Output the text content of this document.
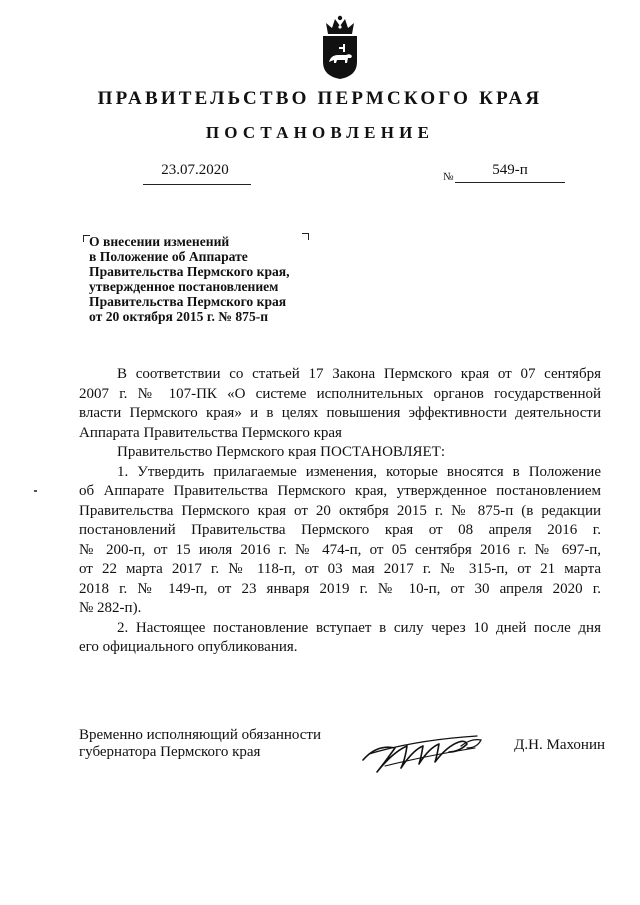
ПРАВИТЕЛЬСТВО ПЕРМСКОГО КРАЯ
ПОСТАНОВЛЕНИЕ
23.07.2020	№	549-п
О внесении изменений
в Положение об Аппарате
Правительства Пермского края,
утвержденное постановлением
Правительства Пермского края
от 20 октября 2015 г. № 875-п

В соответствии со статьей 17 Закона Пермского края от 07 сентября
2007 г. № 107-ПК «О системе исполнительных органов государственной
власти Пермского края» и в целях повышения эффективности деятельности
Аппарата Правительства Пермского края

Правительство Пермского края ПОСТАНОВЛЯЕТ:

1. Утвердить прилагаемые изменения, которые вносятся в Положение
об Аппарате Правительства Пермского края, утвержденное постановлением
Правительства Пермского края от 20 октября 2015 г. № 875-п (в редакции
постановлений Правительства Пермского края от 08 апреля 2016 г.
№ 200-п, от 15 июля 2016 г. № 474-п, от 05 сентября 2016 г. № 697-п,
от 22 марта 2017 г. № 118-п, от 03 мая 2017 г. № 315-п, от 21 марта
2018 г. № 149-п, от 23 января 2019 г. № 10-п, от 30 апреля 2020 г.
№ 282-п).

2. Настоящее постановление вступает в силу через 10 дней после дня
его официального опубликования.

Временно исполняющий обязанности
губернатора Пермского края	Д.Н. Махонин
